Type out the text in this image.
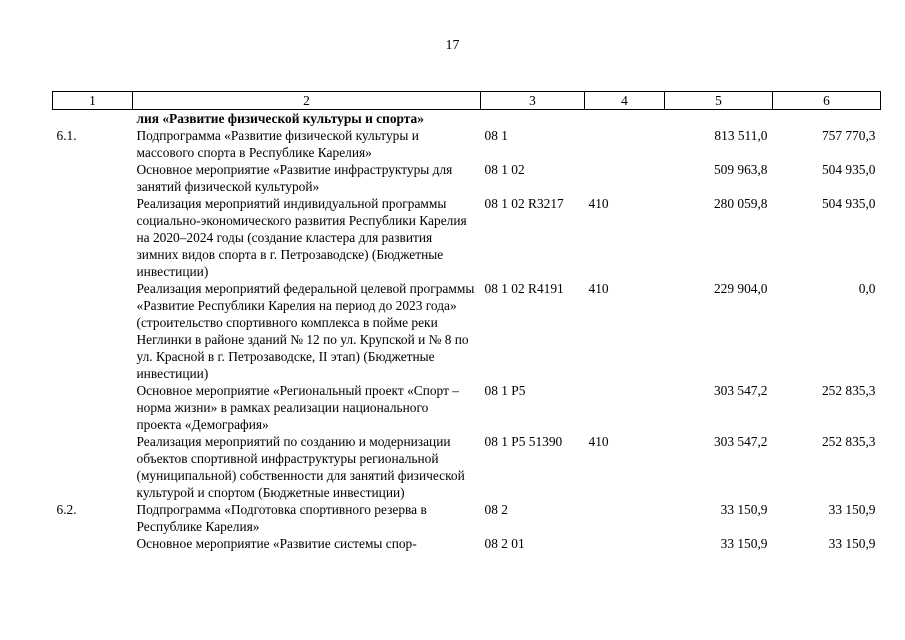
17
1	2	3	4	5	6
	лия «Развитие физической культуры и спорта»				
6.1.	Подпрограмма «Развитие физической культуры и массового спорта в Республике Карелия»	08 1		813 511,0	757 770,3
	Основное мероприятие «Развитие инфраструктуры для занятий физической культурой»	08 1 02		509 963,8	504 935,0
	Реализация мероприятий индивидуальной программы социально-экономического развития Республики Карелия на 2020–2024 годы (создание кластера для развития зимних видов спорта в г. Петрозаводске) (Бюджетные инвестиции)	08 1 02 R3217	410	280 059,8	504 935,0
	Реализация мероприятий федеральной целевой программы «Развитие Республики Карелия на период до 2023 года» (строительство спортивного комплекса в пойме реки Неглинки в районе зданий № 12 по ул. Крупской и № 8 по ул. Красной в г. Петрозаводске, II этап) (Бюджетные инвестиции)	08 1 02 R4191	410	229 904,0	0,0
	Основное мероприятие «Региональный проект «Спорт – норма жизни» в рамках реализации национального проекта «Демография»	08 1 P5		303 547,2	252 835,3
	Реализация мероприятий по созданию и модернизации объектов спортивной инфраструктуры региональной (муниципальной) собственности для занятий физической культурой и спортом (Бюджетные инвестиции)	08 1 P5 51390	410	303 547,2	252 835,3
6.2.	Подпрограмма «Подготовка спортивного резерва в Республике Карелия»	08 2		33 150,9	33 150,9
	Основное мероприятие «Развитие системы спор-	08 2 01		33 150,9	33 150,9
